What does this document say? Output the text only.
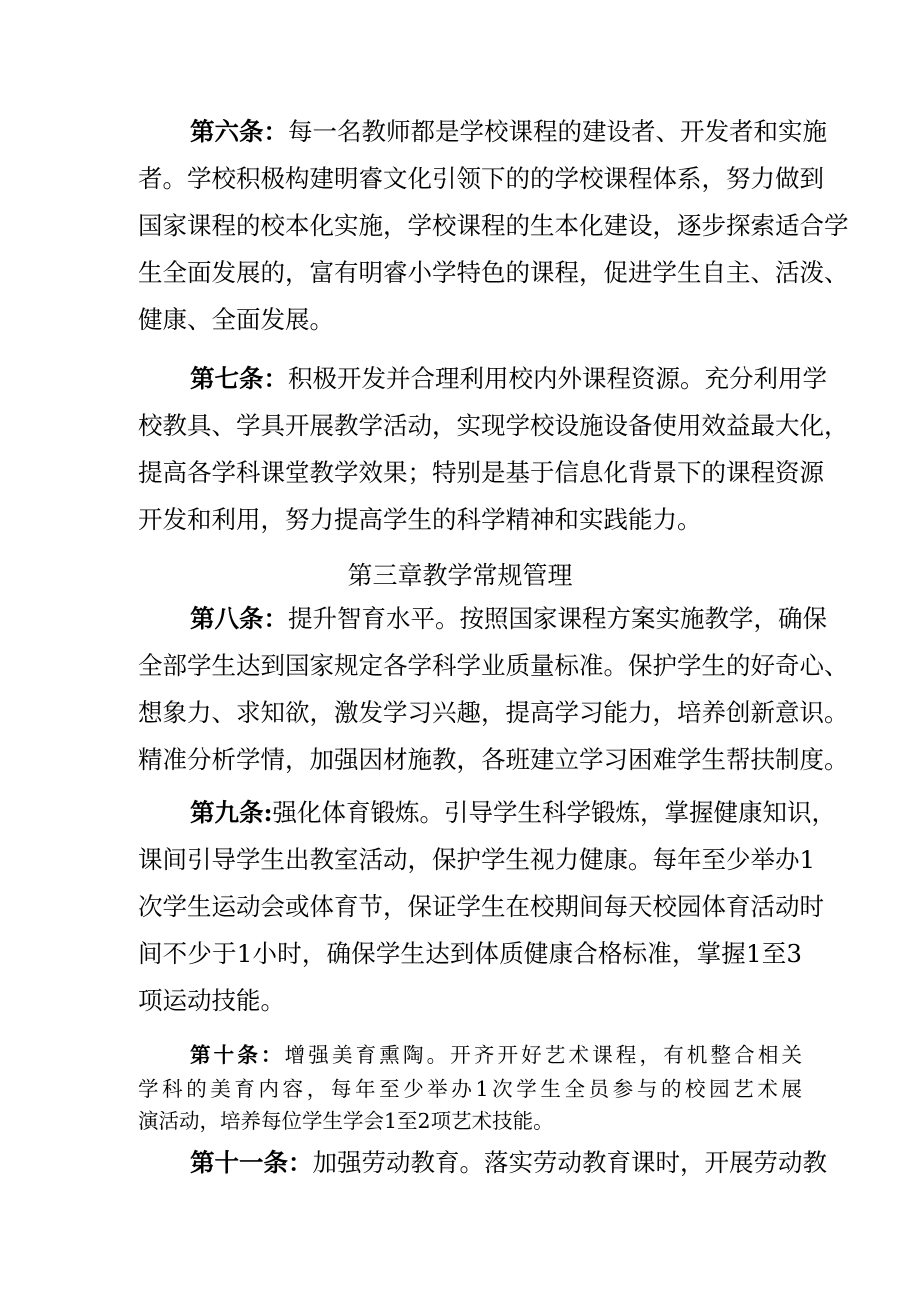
第六条：每一名教师都是学校课程的建设者、开发者和实施
者。学校积极构建明睿文化引领下的的学校课程体系，努力做到
国家课程的校本化实施，学校课程的生本化建设，逐步探索适合学
生全面发展的，富有明睿小学特色的课程，促进学生自主、活泼、
健康、全面发展。
第七条：积极开发并合理利用校内外课程资源。充分利用学
校教具、学具开展教学活动，实现学校设施设备使用效益最大化，
提高各学科课堂教学效果；特别是基于信息化背景下的课程资源
开发和利用，努力提高学生的科学精神和实践能力。
第三章教学常规管理
第八条：提升智育水平。按照国家课程方案实施教学，确保
全部学生达到国家规定各学科学业质量标准。保护学生的好奇心、
想象力、求知欲，激发学习兴趣，提高学习能力，培养创新意识。
精准分析学情，加强因材施教，各班建立学习困难学生帮扶制度。
第九条:强化体育锻炼。引导学生科学锻炼，掌握健康知识，
课间引导学生出教室活动，保护学生视力健康。每年至少举办1
次学生运动会或体育节，保证学生在校期间每天校园体育活动时
间不少于1小时，确保学生达到体质健康合格标准，掌握1至3
项运动技能。
第十条：增强美育熏陶。开齐开好艺术课程，有机整合相关
学科的美育内容，每年至少举办1次学生全员参与的校园艺术展
演活动，培养每位学生学会1至2项艺术技能。
第十一条：加强劳动教育。落实劳动教育课时，开展劳动教
